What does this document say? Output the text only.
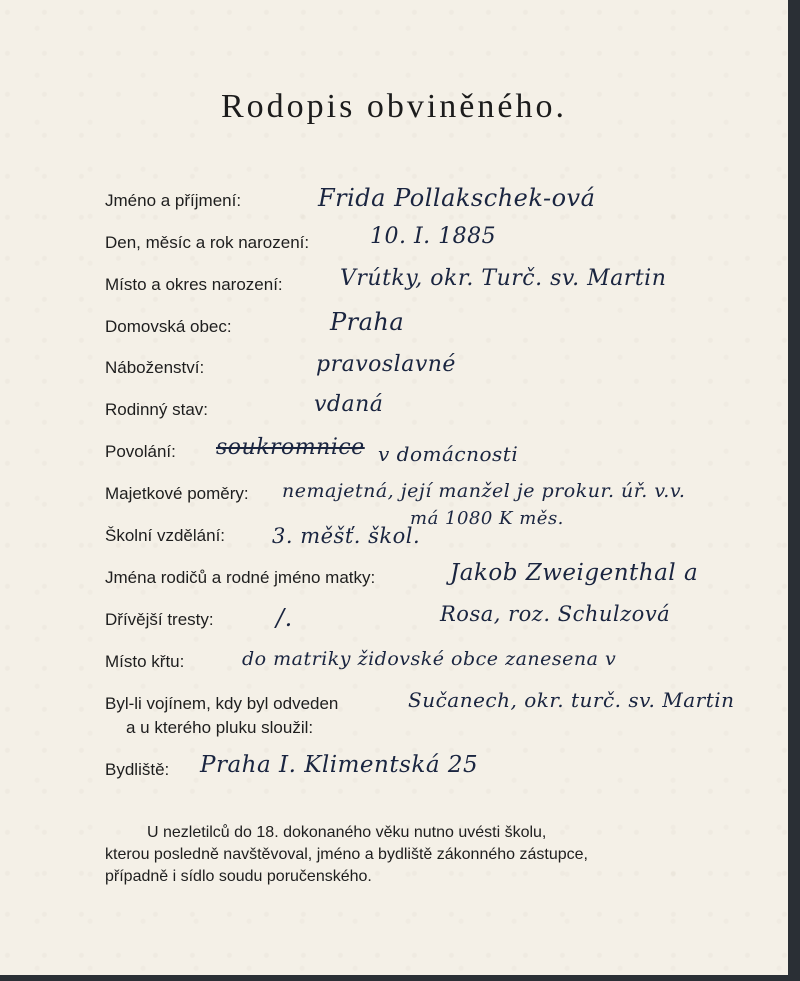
Rodopis obviněného.
Jméno a příjmení:
Den, měsíc a rok narození:
Místo a okres narození:
Domovská obec:
Náboženství:
Rodinný stav:
Povolání:
Majetkové poměry:
Školní vzdělání:
Jména rodičů a rodné jméno matky:
Dřívější tresty:
Místo křtu:
Byl-li vojínem, kdy byl odveden
a u kterého pluku sloužil:
Bydliště:
Frida Pollakschek-ová
10. I. 1885
Vrútky, okr. Turč. sv. Martin
Praha
pravoslavné
vdaná
soukromnice v domácnosti
nemajetná, její manžel je prokur. úř. v.v.
má 1080 K měs.
3. měšť. škol.
Jakob Zweigenthal a
Rosa, roz. Schulzová
/.
do matriky židovské obce zanesena v
Sučanech, okr. turč. sv. Martin
Praha I. Klimentská 25

U nezletilců do 18. dokonaného věku nutno uvésti školu,

kterou posledně navštěvoval, jméno a bydliště zákonného zástupce,

případně i sídlo soudu poručenského.
